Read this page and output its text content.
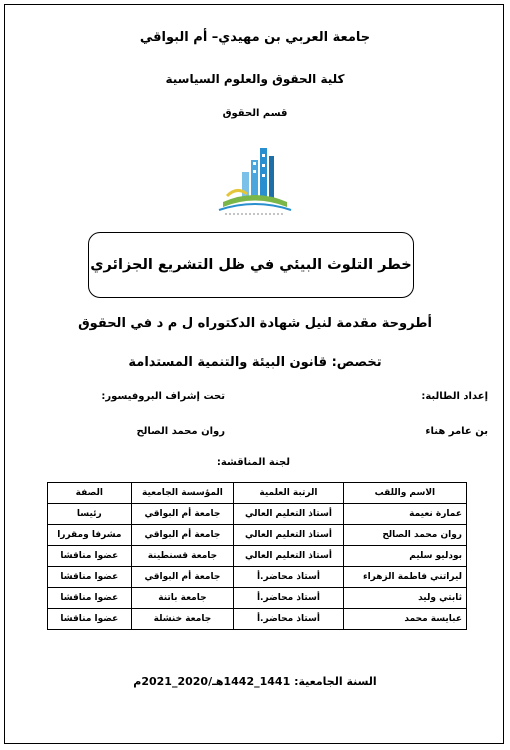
جامعة العربي بن مهيدي– أم البواقي
كلية الحقوق والعلوم السياسية
قسم الحقوق
خطر التلوث البيئي في ظل التشريع الجزائري
أطروحة مقدمة لنيل شهادة الدكتوراه ل م د في الحقوق
تخصص: قانون البيئة والتنمية المستدامة
إعداد الطالبة:
تحت إشراف البروفيسور:
بن عامر هناء
روان محمد الصالح
لجنة المناقشة:
الاسم واللقب	الرتبة العلمية	المؤسسة الجامعية	الصفة
عمارة نعيمة	أستاذ التعليم العالي	جامعة أم البواقي	رئيسا
روان محمد الصالح	أستاذ التعليم العالي	جامعة أم البواقي	مشرفا ومقررا
بودليو سليم	أستاذ التعليم العالي	جامعة قسنطينة	عضوا مناقشا
ليراتني فاطمة الزهراء	أستاذ محاضر.أ	جامعة أم البواقي	عضوا مناقشا
ثابتي وليد	أستاذ محاضر.أ	جامعة باتنة	عضوا مناقشا
عبايسة محمد	أستاذ محاضر.أ	جامعة خنشلة	عضوا مناقشا
السنة الجامعية: 1441_1442هـ/2020_2021م
